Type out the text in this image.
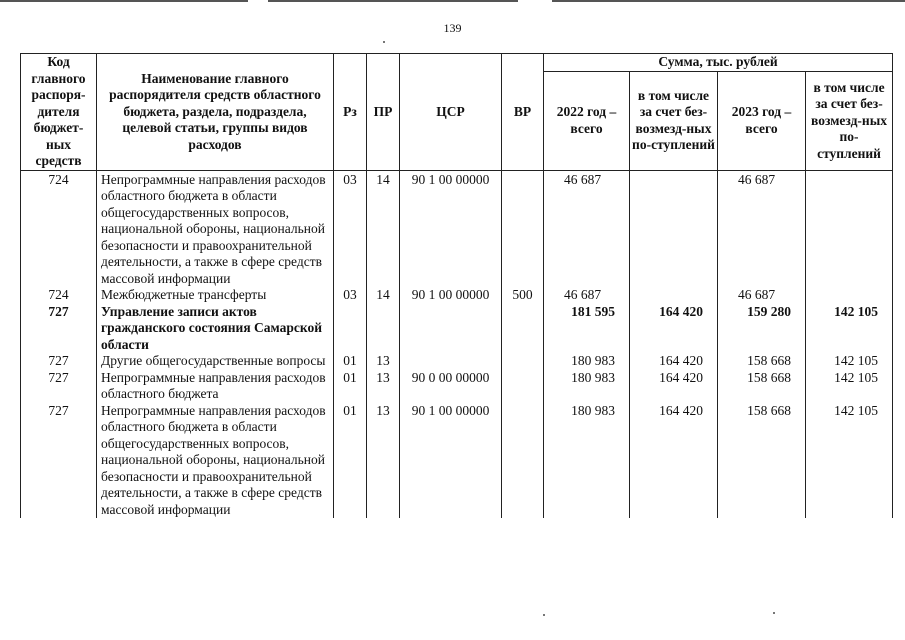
139
Код главного распоря-дителя бюджет-ных средств	Наименование главного распорядителя средств областного бюджета, раздела, подраздела, целевой статьи, группы видов расходов	Рз	ПР	ЦСР	ВР	Сумма, тыс. рублей			
						2022 год – всего	в том числе за счет без-возмезд-ных по-ступлений	2023 год – всего	в том числе за счет без-возмезд-ных по-ступлений
724	Непрограммные направления расходов областного бюджета в области общегосударственных вопросов, национальной обороны, национальной безопасности и правоохранительной деятельности, а также в сфере средств массовой информации	03	14	90 1 00 00000		46 687		46 687	
724	Межбюджетные трансферты	03	14	90 1 00 00000	500	46 687		46 687	
727	Управление записи актов гражданского состояния Самарской области					181 595	164 420	159 280	142 105
727	Другие общегосударственные вопросы	01	13			180 983	164 420	158 668	142 105
727	Непрограммные направления расходов областного бюджета	01	13	90 0 00 00000		180 983	164 420	158 668	142 105
727	Непрограммные направления расходов областного бюджета в области общегосударственных вопросов, национальной обороны, национальной безопасности и правоохранительной деятельности, а также в сфере средств массовой информации	01	13	90 1 00 00000		180 983	164 420	158 668	142 105
